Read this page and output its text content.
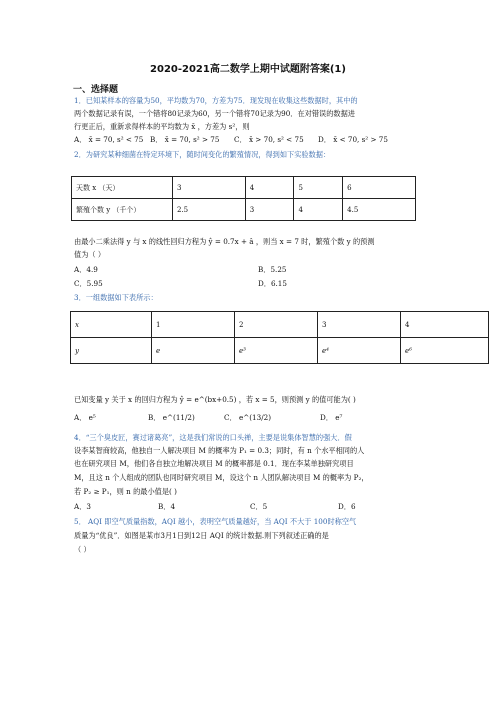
2020-2021高二数学上期中试题附答案(1)
一、选择题
1．已知某样本的容量为50，平均数为70，方差为75．现发现在收集这些数据时，其中的
两个数据记录有误，一个错将80记录为60，另一个错将70记录为90．在对错误的数据进
行更正后，重新求得样本的平均数为 x̄ ，方差为 s²，则
A． x̄ = 70, s² < 75 B． x̄ = 70, s² > 75 C． x̄ > 70, s² < 75 D． x̄ < 70, s² > 75
2．为研究某种细菌在特定环境下，随时间变化的繁殖情况，得到如下实验数据：
天数 x （天）	3	4	5	6
繁殖个数 y （千个）	2.5	3	4	4.5
由最小二乘法得 y 与 x 的线性回归方程为 ŷ = 0.7x + â ，则当 x = 7 时，繁殖个数 y 的预测
值为（ ）
A．4.9	B．5.25
C．5.95	D．6.15
3．一组数据如下表所示：
x	1	2	3	4
y	e	e³	e⁴	e⁶
已知变量 y 关于 x 的回归方程为 ŷ = e^(bx+0.5) ，若 x = 5，则预测 y 的值可能为( )
A． e⁵	B． e^(11/2)	C． e^(13/2)	D． e⁷
4．“三个臭皮匠，赛过诸葛亮”，这是我们常说的口头禅，主要是说集体智慧的强大．假
设李某智商较高，他独自一人解决项目 M 的概率为 P₁ = 0.3；同时，有 n 个水平相同的人
也在研究项目 M，他们各自独立地解决项目 M 的概率都是 0.1．现在李某单独研究项目
M，且这 n 个人组成的团队也同时研究项目 M，设这个 n 人团队解决项目 M 的概率为 P₂，
若 P₂ ≥ P₁，则 n 的最小值是( )
A．3	B．4	C．5	D．6
5． AQI 即空气质量指数，AQI 越小，表明空气质量越好，当 AQI 不大于 100时称空气
质量为“优良”．如图是某市3月1日到12日 AQI 的统计数据.则下列叙述正确的是
（ ）
